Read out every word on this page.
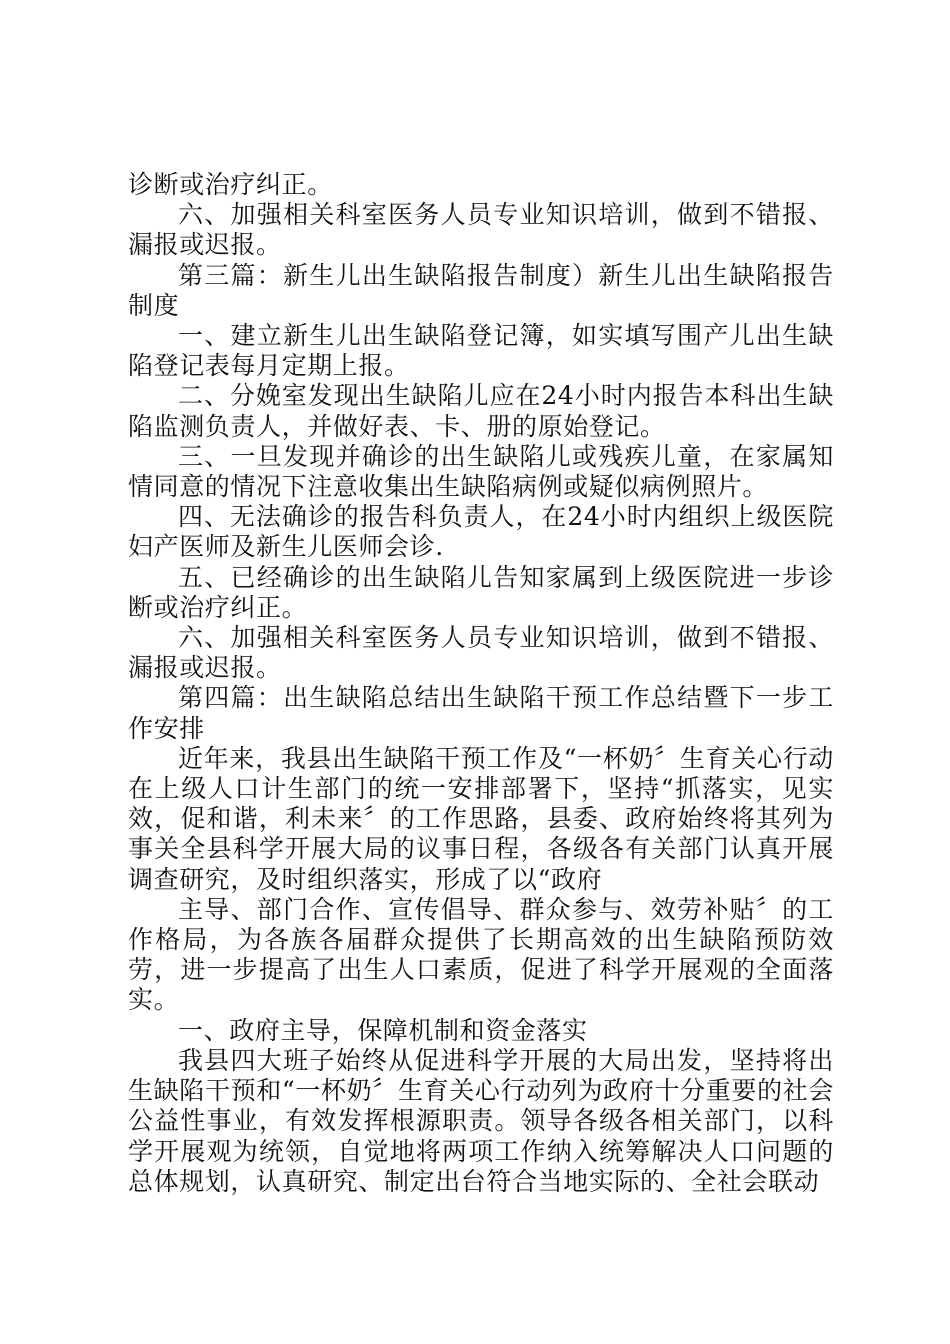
诊断或治疗纠正。

六、加强相关科室医务人员专业知识培训，做到不错报、漏报或迟报。

第三篇：新生儿出生缺陷报告制度）新生儿出生缺陷报告制度

一、建立新生儿出生缺陷登记簿，如实填写围产儿出生缺陷登记表每月定期上报。

二、分娩室发现出生缺陷儿应在24小时内报告本科出生缺陷监测负责人，并做好表、卡、册的原始登记。

三、一旦发现并确诊的出生缺陷儿或残疾儿童，在家属知情同意的情况下注意收集出生缺陷病例或疑似病例照片。

四、无法确诊的报告科负责人，在24小时内组织上级医院妇产医师及新生儿医师会诊.

五、已经确诊的出生缺陷儿告知家属到上级医院进一步诊断或治疗纠正。

六、加强相关科室医务人员专业知识培训，做到不错报、漏报或迟报。

第四篇：出生缺陷总结出生缺陷干预工作总结暨下一步工作安排

近年来，我县出生缺陷干预工作及“一杯奶〞生育关心行动在上级人口计生部门的统一安排部署下，坚持“抓落实，见实效，促和谐，利未来〞的工作思路，县委、政府始终将其列为事关全县科学开展大局的议事日程，各级各有关部门认真开展调查研究，及时组织落实，形成了以“政府

主导、部门合作、宣传倡导、群众参与、效劳补贴〞的工作格局，为各族各届群众提供了长期高效的出生缺陷预防效劳，进一步提高了出生人口素质，促进了科学开展观的全面落实。

一、政府主导，保障机制和资金落实

我县四大班子始终从促进科学开展的大局出发，坚持将出生缺陷干预和“一杯奶〞生育关心行动列为政府十分重要的社会公益性事业，有效发挥根源职责。领导各级各相关部门，以科学开展观为统领，自觉地将两项工作纳入统筹解决人口问题的总体规划，认真研究、制定出台符合当地实际的、全社会联动
